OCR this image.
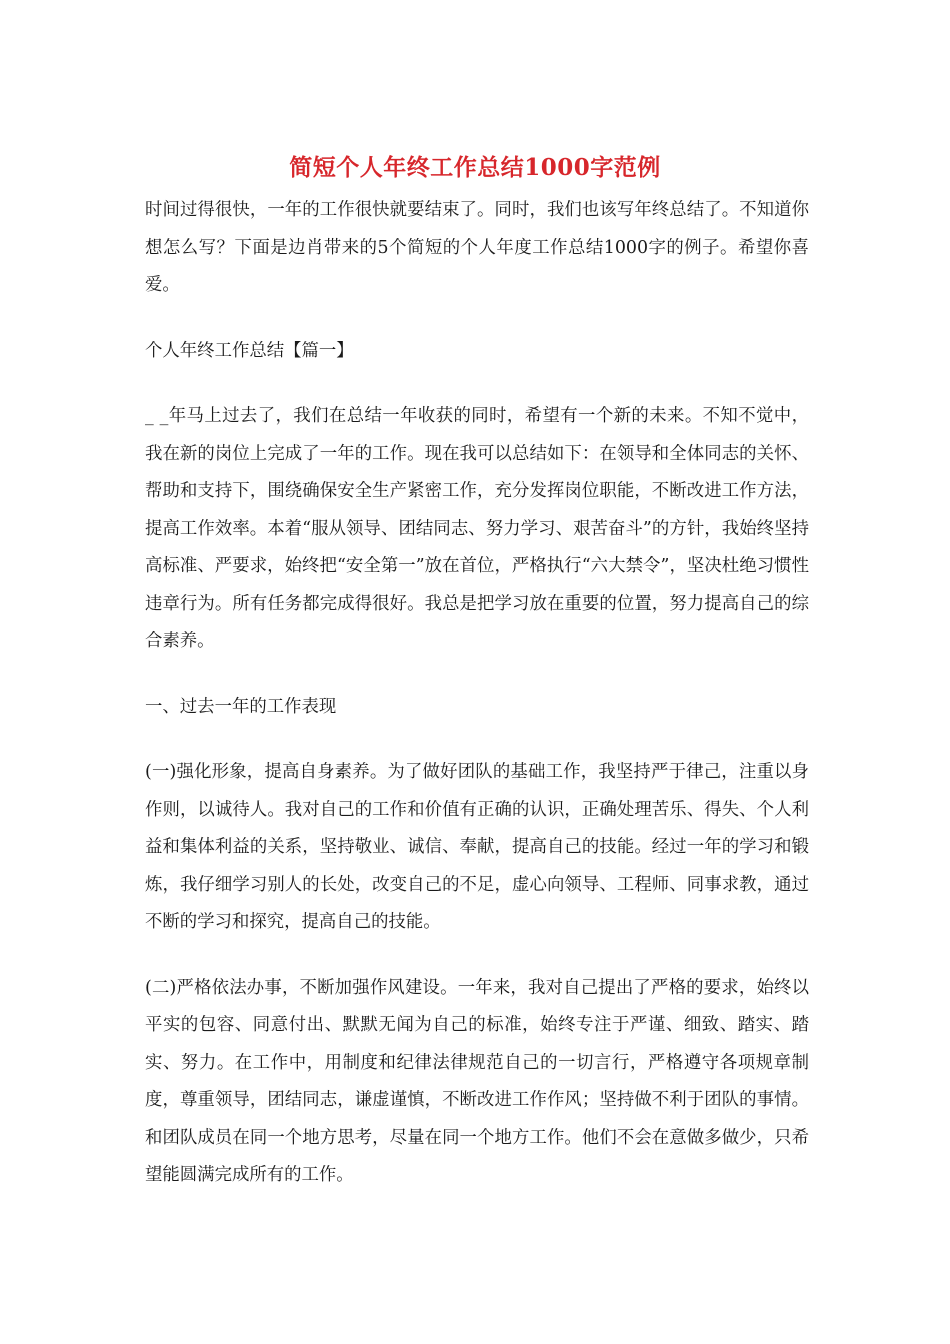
简短个人年终工作总结1000字范例

时间过得很快，一年的工作很快就要结束了。同时，我们也该写年终总结了。不知道你想怎么写？下面是边肖带来的5个简短的个人年度工作总结1000字的例子。希望你喜爱。

个人年终工作总结【篇一】

_ _年马上过去了，我们在总结一年收获的同时，希望有一个新的未来。不知不觉中，我在新的岗位上完成了一年的工作。现在我可以总结如下：在领导和全体同志的关怀、帮助和支持下，围绕确保安全生产紧密工作，充分发挥岗位职能，不断改进工作方法，提高工作效率。本着“服从领导、团结同志、努力学习、艰苦奋斗”的方针，我始终坚持高标准、严要求，始终把“安全第一”放在首位，严格执行“六大禁令”，坚决杜绝习惯性违章行为。所有任务都完成得很好。我总是把学习放在重要的位置，努力提高自己的综合素养。

一、过去一年的工作表现

(一)强化形象，提高自身素养。为了做好团队的基础工作，我坚持严于律己，注重以身作则，以诚待人。我对自己的工作和价值有正确的认识，正确处理苦乐、得失、个人利益和集体利益的关系，坚持敬业、诚信、奉献，提高自己的技能。经过一年的学习和锻炼，我仔细学习别人的长处，改变自己的不足，虚心向领导、工程师、同事求教，通过不断的学习和探究，提高自己的技能。

(二)严格依法办事，不断加强作风建设。一年来，我对自己提出了严格的要求，始终以平实的包容、同意付出、默默无闻为自己的标准，始终专注于严谨、细致、踏实、踏实、努力。在工作中，用制度和纪律法律规范自己的一切言行，严格遵守各项规章制度，尊重领导，团结同志，谦虚谨慎，不断改进工作作风；坚持做不利于团队的事情。和团队成员在同一个地方思考，尽量在同一个地方工作。他们不会在意做多做少，只希望能圆满完成所有的工作。
